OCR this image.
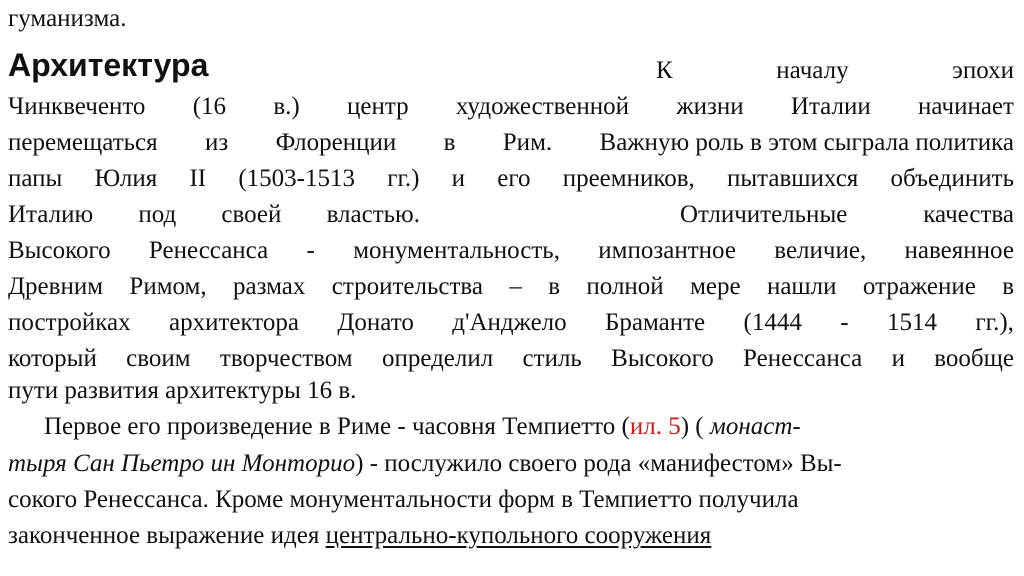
гуманизма.
Архитектура	К	началу	эпохи
Чинквеченто (16 в.) центр художественной жизни Италии начинает
перемещаться из Флоренции в Рим. Важную роль в этом сыграла политика
папы Юлия II (1503-1513 гг.) и его преемников, пытавшихся объединить
Италию под своей властью.	Отличительные	качества
Высокого Ренессанса - монументальность, импозантное величие, навеянное
Древним Римом, размах строительства – в полной мере нашли отражение в
постройках архитектора Донато д'Анджело Браманте (1444 - 1514 гг.),
который своим творчеством определил стиль Высокого Ренессанса и вообще
пути развития архитектуры 16 в.
Первое его произведение в Риме - часовня Темпиетто (ил. 5) ( монаст-
тыря Сан Пьетро ин Монторио) - послужило своего рода «манифестом» Вы-
сокого Ренессанса. Кроме монументальности форм в Темпиетто получила
законченное выражение идея центрально-купольного сооружения
